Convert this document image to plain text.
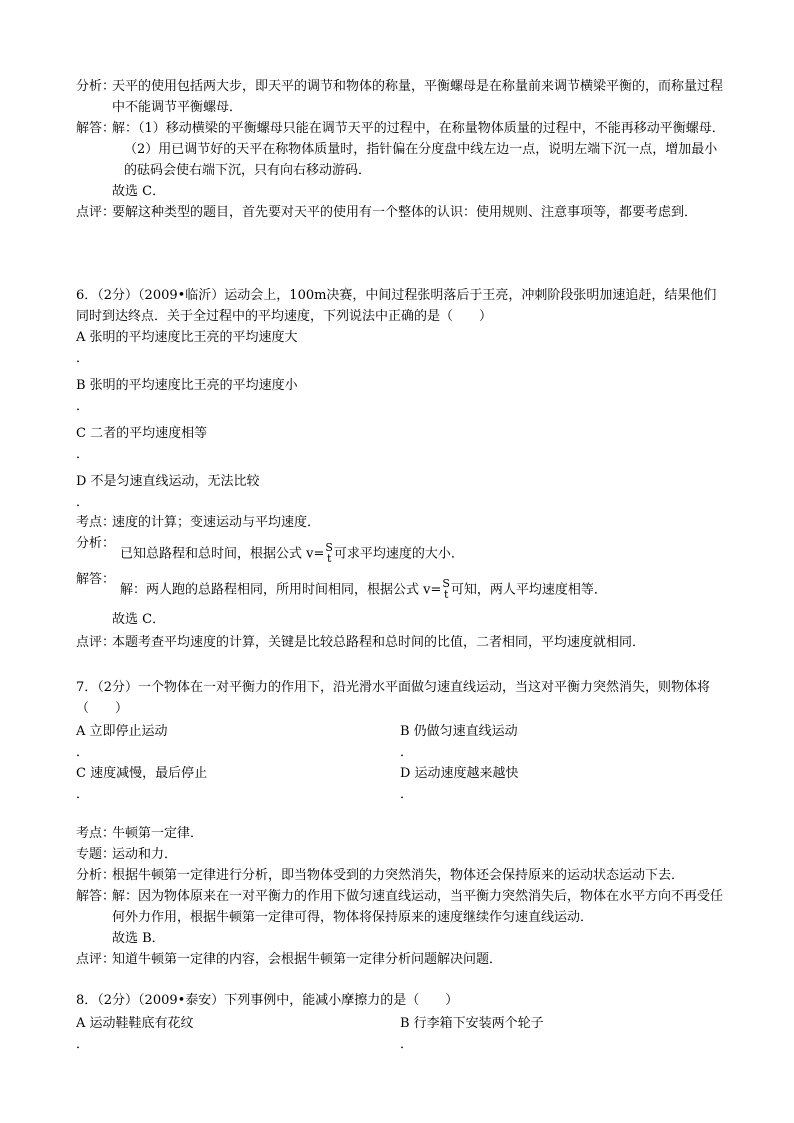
分析：
天平的使用包括两大步，即天平的调节和物体的称量，平衡螺母是在称量前来调节横梁平衡的，而称量过程中不能调节平衡螺母．
解答：
解：（1）移动横梁的平衡螺母只能在调节天平的过程中，在称量物体质量的过程中，不能再移动平衡螺母．
（2）用已调节好的天平在称物体质量时，指针偏在分度盘中线左边一点，说明左端下沉一点，增加最小的砝码会使右端下沉，只有向右移动游码．
故选 C．
点评：
要解这种类型的题目，首先要对天平的使用有一个整体的认识：使用规则、注意事项等，都要考虑到．
6．（2分）（2009•临沂）运动会上，100m决赛，中间过程张明落后于王亮，冲刺阶段张明加速追赶，结果他们同时到达终点．关于全过程中的平均速度，下列说法中正确的是（　　）
A 张明的平均速度比王亮的平均速度大
．
B 张明的平均速度比王亮的平均速度小
．
C 二者的平均速度相等
．
D 不是匀速直线运动，无法比较
．
考点：
速度的计算；变速运动与平均速度．
分析：
已知总路程和总时间，根据公式 v= S
t 可求平均速度的大小．
解答：
解：两人跑的总路程相同，所用时间相同，根据公式 v= S
t 可知，两人平均速度相等．
故选 C．
点评：
本题考查平均速度的计算，关键是比较总路程和总时间的比值，二者相同，平均速度就相同．
7．（2分）一个物体在一对平衡力的作用下，沿光滑水平面做匀速直线运动，当这对平衡力突然消失，则物体将（　　）
A 立即停止运动	B 仍做匀速直线运动
．	．
C 速度减慢，最后停止	D 运动速度越来越快
．	．
考点：
牛顿第一定律．
专题：
运动和力．
分析：
根据牛顿第一定律进行分析，即当物体受到的力突然消失，物体还会保持原来的运动状态运动下去．
解答：
解：因为物体原来在一对平衡力的作用下做匀速直线运动，当平衡力突然消失后，物体在水平方向不再受任何外力作用，根据牛顿第一定律可得，物体将保持原来的速度继续作匀速直线运动．
故选 B．
点评：
知道牛顿第一定律的内容，会根据牛顿第一定律分析问题解决问题．
8．（2分）（2009•泰安）下列事例中，能减小摩擦力的是（　　）
A 运动鞋鞋底有花纹	B 行李箱下安装两个轮子
．	．
